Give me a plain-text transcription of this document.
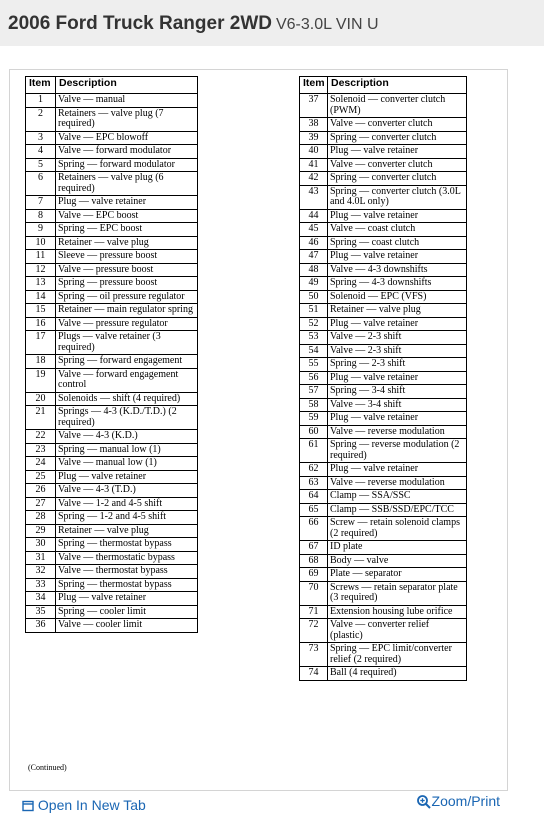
2006 Ford Truck Ranger 2WD V6-3.0L VIN U
Item	Description
1	Valve — manual
2	Retainers — valve plug (7 required)
3	Valve — EPC blowoff
4	Valve — forward modulator
5	Spring — forward modulator
6	Retainers — valve plug (6 required)
7	Plug — valve retainer
8	Valve — EPC boost
9	Spring — EPC boost
10	Retainer — valve plug
11	Sleeve — pressure boost
12	Valve — pressure boost
13	Spring — pressure boost
14	Spring — oil pressure regulator
15	Retainer — main regulator spring
16	Valve — pressure regulator
17	Plugs — valve retainer (3 required)
18	Spring — forward engagement
19	Valve — forward engagement control
20	Solenoids — shift (4 required)
21	Springs — 4-3 (K.D./T.D.) (2 required)
22	Valve — 4-3 (K.D.)
23	Spring — manual low (1)
24	Valve — manual low (1)
25	Plug — valve retainer
26	Valve — 4-3 (T.D.)
27	Valve — 1-2 and 4-5 shift
28	Spring — 1-2 and 4-5 shift
29	Retainer — valve plug
30	Spring — thermostat bypass
31	Valve — thermostatic bypass
32	Valve — thermostat bypass
33	Spring — thermostat bypass
34	Plug — valve retainer
35	Spring — cooler limit
36	Valve — cooler limit
Item	Description
37	Solenoid — converter clutch (PWM)
38	Valve — converter clutch
39	Spring — converter clutch
40	Plug — valve retainer
41	Valve — converter clutch
42	Spring — converter clutch
43	Spring — converter clutch (3.0L and 4.0L only)
44	Plug — valve retainer
45	Valve — coast clutch
46	Spring — coast clutch
47	Plug — valve retainer
48	Valve — 4-3 downshifts
49	Spring — 4-3 downshifts
50	Solenoid — EPC (VFS)
51	Retainer — valve plug
52	Plug — valve retainer
53	Valve — 2-3 shift
54	Valve — 2-3 shift
55	Spring — 2-3 shift
56	Plug — valve retainer
57	Spring — 3-4 shift
58	Valve — 3-4 shift
59	Plug — valve retainer
60	Valve — reverse modulation
61	Spring — reverse modulation (2 required)
62	Plug — valve retainer
63	Valve — reverse modulation
64	Clamp — SSA/SSC
65	Clamp — SSB/SSD/EPC/TCC
66	Screw — retain solenoid clamps (2 required)
67	ID plate
68	Body — valve
69	Plate — separator
70	Screws — retain separator plate (3 required)
71	Extension housing lube orifice
72	Valve — converter relief (plastic)
73	Spring — EPC limit/converter relief (2 required)
74	Ball (4 required)
(Continued)
Open In New Tab	Zoom/Print
